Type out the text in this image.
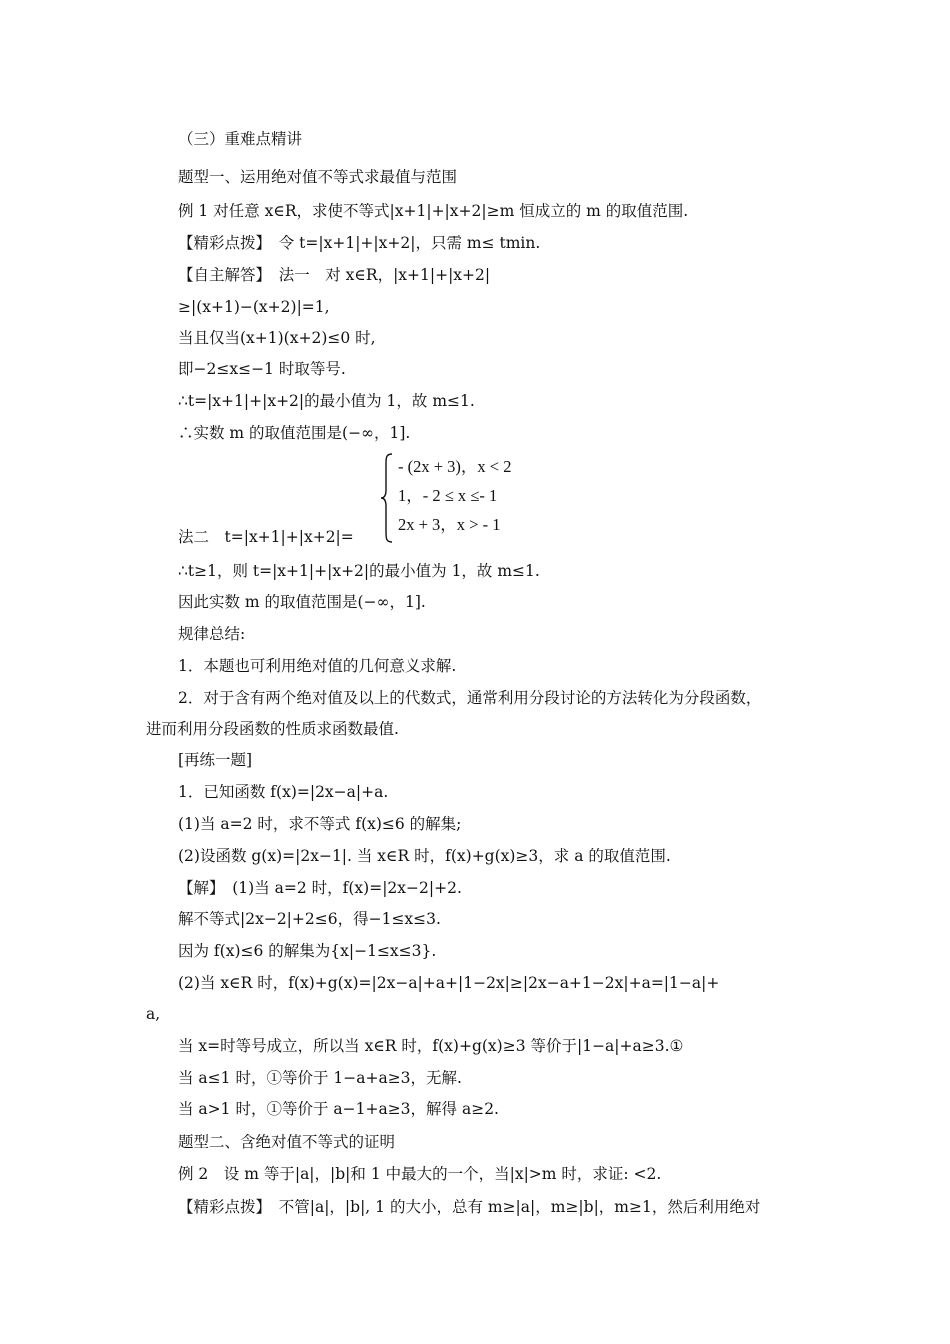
（三）重难点精讲
题型一、运用绝对值不等式求最值与范围
例 1 对任意 x∈R，求使不等式|x+1|+|x+2|≥m 恒成立的 m 的取值范围.
【精彩点拨】　令 t=|x+1|+|x+2|，只需 m≤ tmin.
【自主解答】　法一　对 x∈R，|x+1|+|x+2|
≥|(x+1)−(x+2)|=1,
当且仅当(x+1)(x+2)≤0 时,
即−2≤x≤−1 时取等号.
∴t=|x+1|+|x+2|的最小值为 1，故 m≤1.
∴实数 m 的取值范围是(−∞，1].
法二　t=|x+1|+|x+2|=
- (2x + 3)，x < 2
1，- 2 ≤ x ≤- 1
2x + 3，x > - 1
∴t≥1，则 t=|x+1|+|x+2|的最小值为 1，故 m≤1.
因此实数 m 的取值范围是(−∞，1].
规律总结:
1．本题也可利用绝对值的几何意义求解.
2．对于含有两个绝对值及以上的代数式，通常利用分段讨论的方法转化为分段函数，
进而利用分段函数的性质求函数最值.
[再练一题]
1．已知函数 f(x)=|2x−a|+a.
(1)当 a=2 时，求不等式 f(x)≤6 的解集;
(2)设函数 g(x)=|2x−1|. 当 x∈R 时，f(x)+g(x)≥3，求 a 的取值范围.
【解】　(1)当 a=2 时，f(x)=|2x−2|+2.
解不等式|2x−2|+2≤6，得−1≤x≤3.
因为 f(x)≤6 的解集为{x|−1≤x≤3}.
(2)当 x∈R 时，f(x)+g(x)=|2x−a|+a+|1−2x|≥|2x−a+1−2x|+a=|1−a|+
a,
当 x=时等号成立，所以当 x∈R 时，f(x)+g(x)≥3 等价于|1−a|+a≥3.①
当 a≤1 时，①等价于 1−a+a≥3，无解.
当 a>1 时，①等价于 a−1+a≥3，解得 a≥2.
题型二、含绝对值不等式的证明
例 2　设 m 等于|a|，|b|和 1 中最大的一个，当|x|>m 时，求证: <2.
【精彩点拨】　不管|a|，|b|, 1 的大小，总有 m≥|a|，m≥|b|，m≥1，然后利用绝对
